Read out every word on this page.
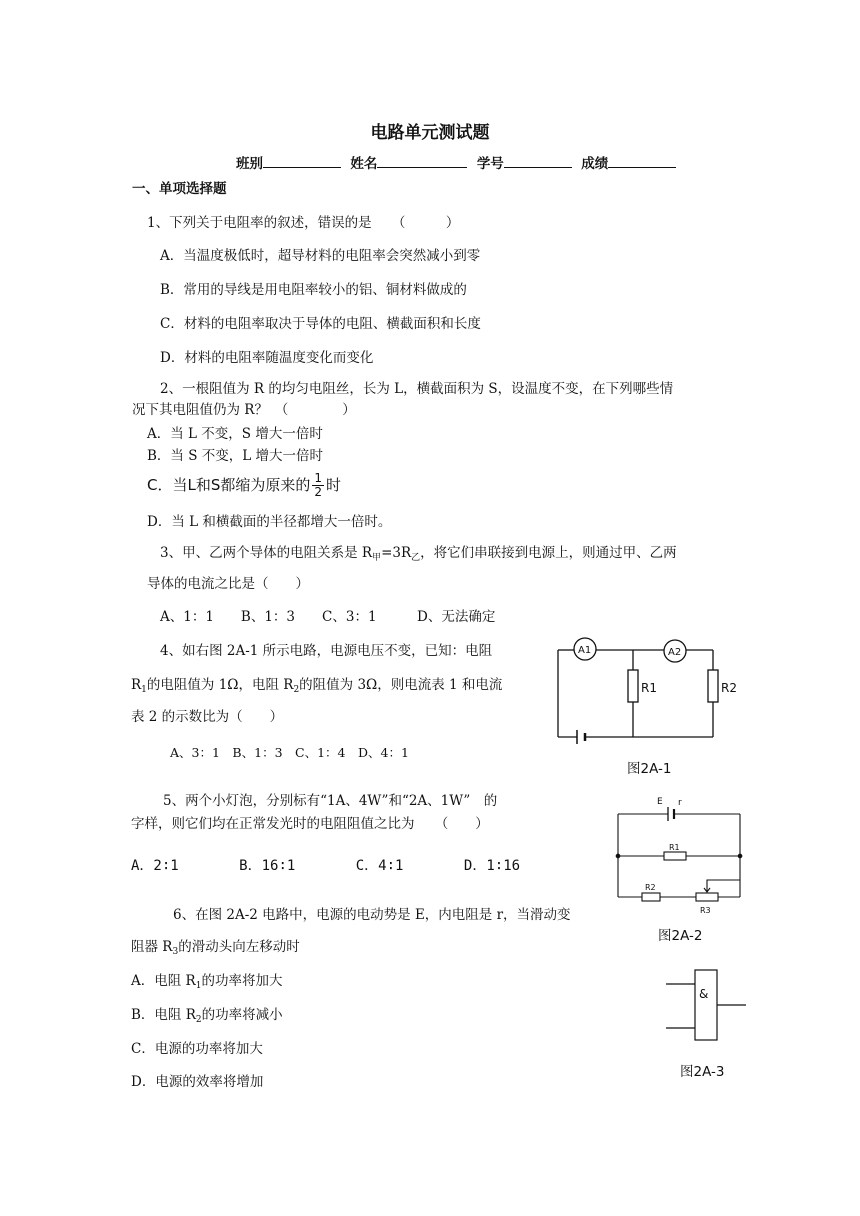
电路单元测试题
班别	姓名	学号	成绩
一、单项选择题
1、下列关于电阻率的叙述，错误的是　　（　　　）
A．当温度极低时，超导材料的电阻率会突然减小到零
B．常用的导线是用电阻率较小的铝、铜材料做成的
C．材料的电阻率取决于导体的电阻、横截面积和长度
D．材料的电阻率随温度变化而变化
2、一根阻值为 R 的均匀电阻丝，长为 L，横截面积为 S，设温度不变，在下列哪些情
况下其电阻值仍为 R？　（　　　　）
A．当 L 不变，S 增大一倍时
B．当 S 不变，L 增大一倍时
C．当L和S都缩为原来的 $\frac{1}{2}$ 时
D．当 L 和横截面的半径都增大一倍时。
3、甲、乙两个导体的电阻关系是 $R_甲=3R_乙$，将它们串联接到电源上，则通过甲、乙两
导体的电流之比是（　　）
A、1：1　　B、1：3　　C、3：1　　　D、无法确定
4、如右图 2A-1 所示电路，电源电压不变，已知：电阻
$R_1$的电阻值为 1Ω，电阻 $R_2$的阻值为 3Ω，则电流表 1 和电流
表 2 的示数比为（　　）
A、3：1　B、1：3　C、1：4　D、4：1
A1	A2
R1	R2
图2A-1
5、两个小灯泡，分别标有“1A、4W”和“2A、1W”　的
字样，则它们均在正常发光时的电阻阻值之比为　　（　　）
A．2∶1	B．16∶1	C．4∶1	D．1∶16
E r
R1
R2
R3
6、在图 2A-2 电路中，电源的电动势是 E，内电阻是 r，当滑动变
图2A-2
阻器 $R_3$的滑动头向左移动时
A．电阻 $R_1$的功率将加大
B．电阻 $R_2$的功率将减小
C．电源的功率将加大
D．电源的效率将增加
&
图2A-3
